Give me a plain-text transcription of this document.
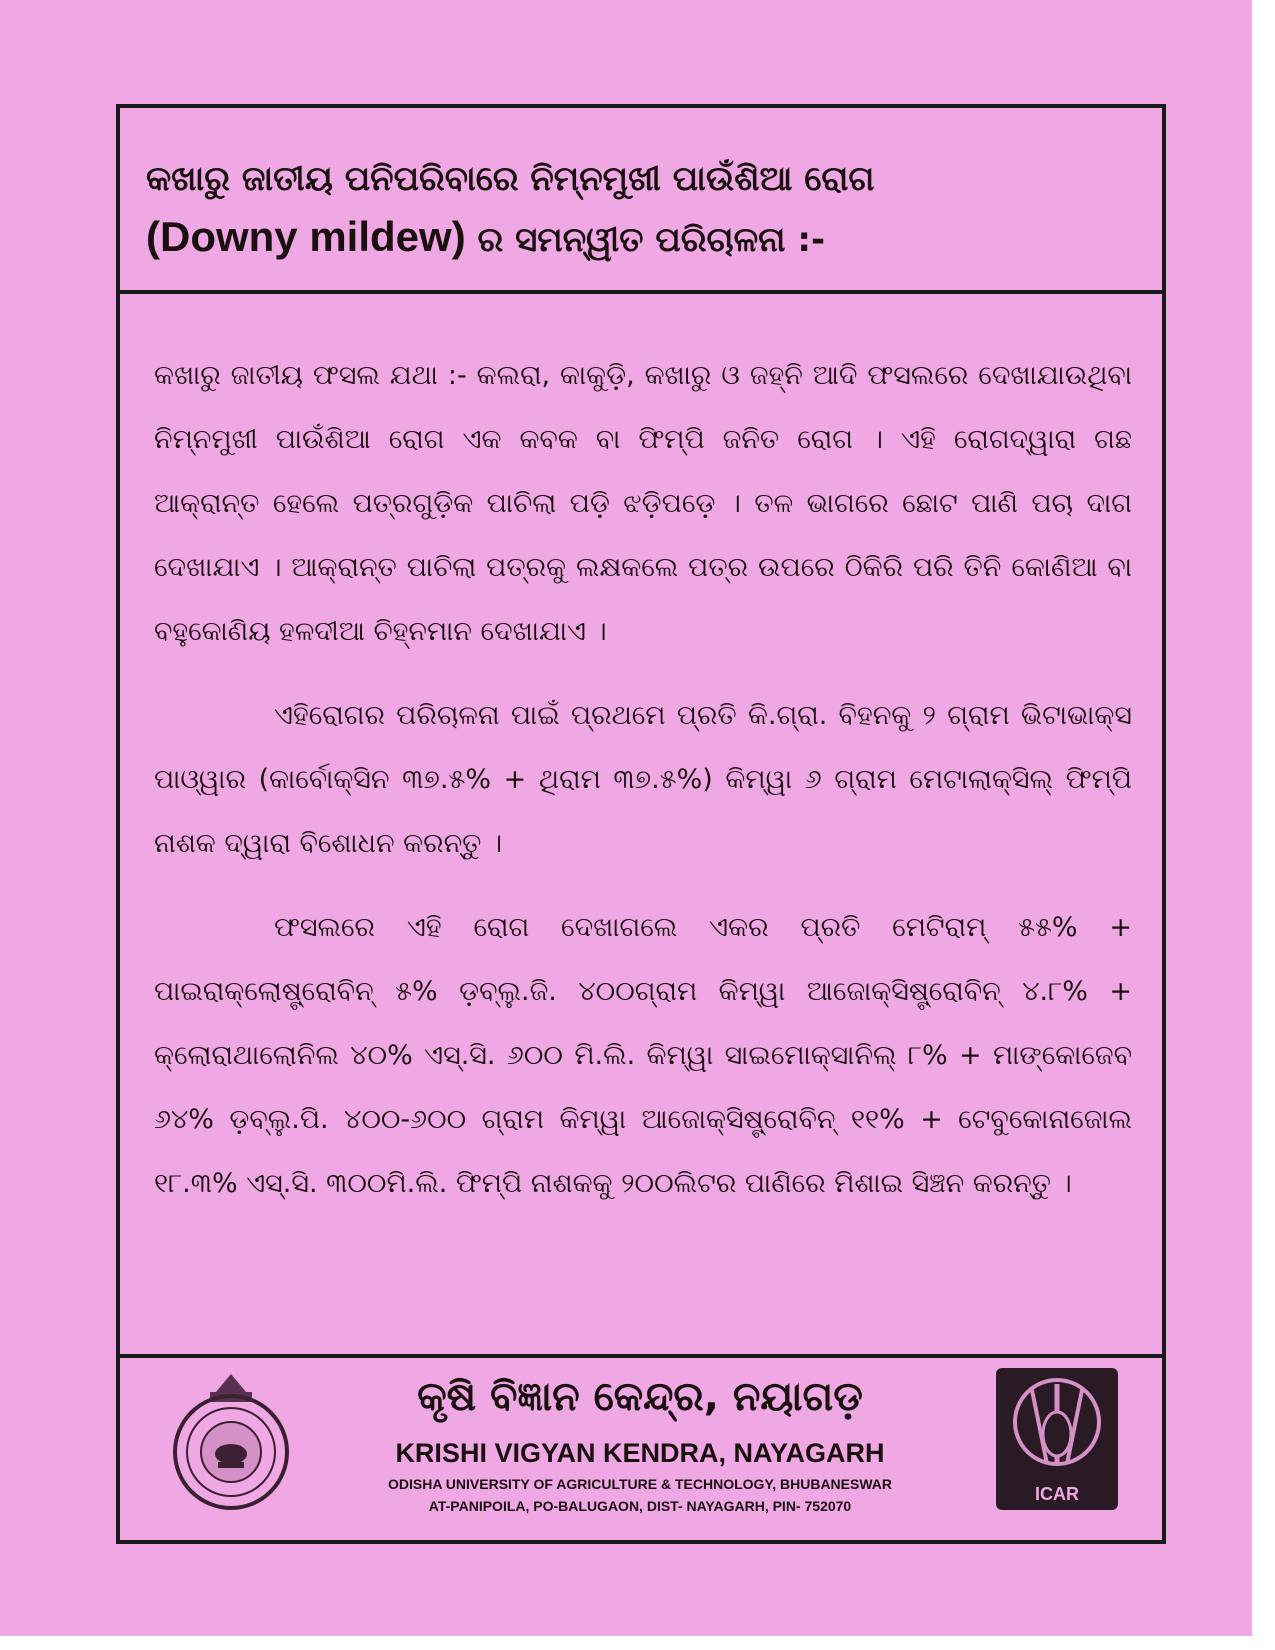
କଖାରୁ ଜାତୀୟ ପନିପରିବାରେ ନିମ୍ନମୁଖୀ ପାଉଁଶିଆ ରୋଗ
(Downy mildew) ର ସମନ୍ୱୀତ ପରିଚାଳନା :-

କଖାରୁ ଜାତୀୟ ଫସଲ ଯଥା :- କଲରା, କାକୁଡ଼ି, କଖାରୁ ଓ ଜହ୍ନି ଆଦି ଫସଲରେ ଦେଖାଯାଉଥିବା ନିମ୍ନମୁଖୀ ପାଉଁଶିଆ ରୋଗ ଏକ କବକ ବା ଫିମ୍ପି ଜନିତ ରୋଗ । ଏହି ରୋଗଦ୍ୱାରା ଗଛ ଆକ୍ରାନ୍ତ ହେଲେ ପତ୍ରଗୁଡ଼ିକ ପାଚିଲା ପଡ଼ି ଝଡ଼ିପଡ଼େ । ତଳ ଭାଗରେ ଛୋଟ ପାଣି ପଚା ଦାଗ ଦେଖାଯାଏ । ଆକ୍ରାନ୍ତ ପାଚିଲା ପତ୍ରକୁ ଲକ୍ଷକଲେ ପତ୍ର ଉପରେ ଠିକିରି ପରି ତିନି କୋଣିଆ ବା ବହୁକୋଣିୟ ହଳଦୀଆ ଚିହ୍ନମାନ ଦେଖାଯାଏ ।

ଏହିରୋଗର ପରିଚାଳନା ପାଇଁ ପ୍ରଥମେ ପ୍ରତି କି.ଗ୍ରା. ବିହନକୁ ୨ ଗ୍ରାମ ଭିଟାଭାକ୍ସ ପାଓ୍ୱାର (କାର୍ବୋକ୍ସିନ ୩୭.୫% + ଥିରାମ ୩୭.୫%) କିମ୍ୱା ୬ ଗ୍ରାମ ମେଟାଲାକ୍ସିଲ୍ ଫିମ୍ପି ନାଶକ ଦ୍ୱାରା ବିଶୋଧନ କରନ୍ତୁ ।

ଫସଲରେ ଏହି ରୋଗ ଦେଖାଗଲେ ଏକର ପ୍ରତି ମେଟିରାମ୍ ୫୫% + ପାଇରାକ୍ଲୋଷ୍ଟ୍ରୋବିନ୍ ୫% ଡ଼ବ୍ଲୁ.ଜି. ୪୦୦ଗ୍ରାମ କିମ୍ୱା ଆଜୋକ୍ସିଷ୍ଟ୍ରୋବିନ୍ ୪.୮% + କ୍ଲୋରାଥାଲୋନିଲ ୪୦% ଏସ୍.ସି. ୬୦୦ ମି.ଲି. କିମ୍ୱା ସାଇମୋକ୍ସାନିଲ୍ ୮% + ମାଙ୍କୋଜେବ ୬୪% ଡ଼ବ୍ଲୁ.ପି. ୪୦୦-୬୦୦ ଗ୍ରାମ କିମ୍ୱା ଆଜୋକ୍ସିଷ୍ଟ୍ରୋବିନ୍ ୧୧% + ଟେବୁକୋନାଜୋଲ ୧୮.୩% ଏସ୍.ସି. ୩୦୦ମି.ଲି. ଫିମ୍ପି ନାଶକକୁ ୨୦୦ଲିଟର ପାଣିରେ ମିଶାଇ ସିଞ୍ଚନ କରନ୍ତୁ ।

କୃଷି ବିଜ୍ଞାନ କେନ୍ଦ୍ର, ନୟାଗଡ଼
KRISHI VIGYAN KENDRA, NAYAGARH
ODISHA UNIVERSITY OF AGRICULTURE & TECHNOLOGY, BHUBANESWAR
AT-PANIPOILA, PO-BALUGAON, DIST- NAYAGARH, PIN- 752070
ICAR
